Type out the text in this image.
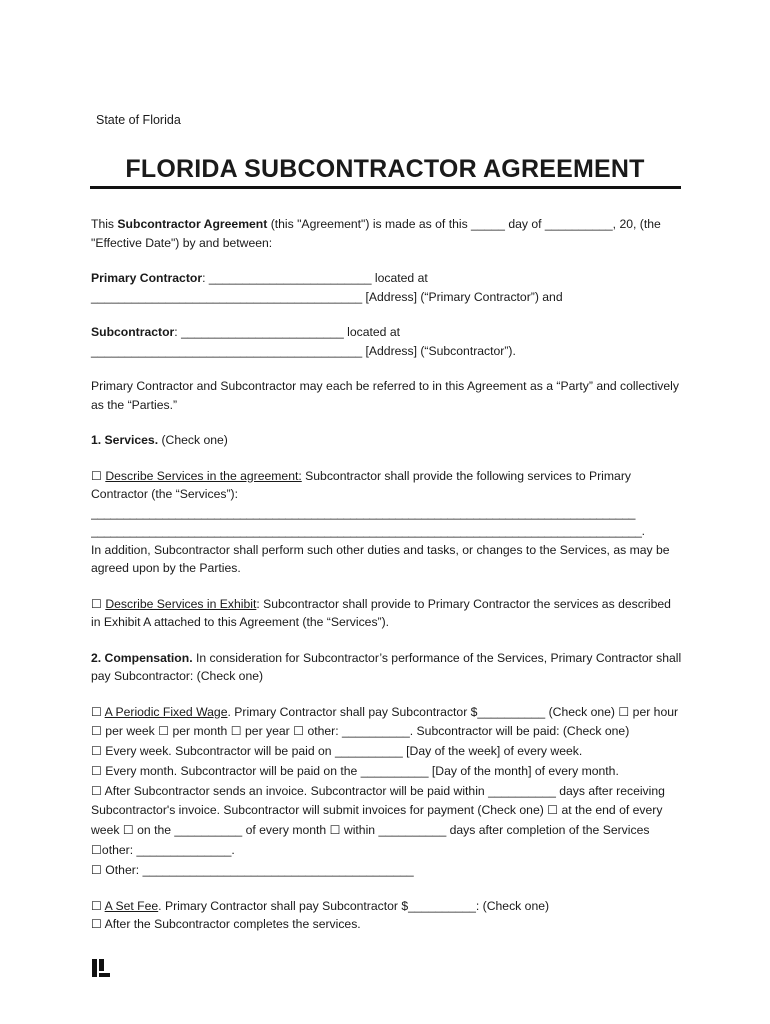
State of Florida
FLORIDA SUBCONTRACTOR AGREEMENT

This Subcontractor Agreement (this "Agreement") is made as of this _____ day of __________, 20, (the "Effective Date") by and between:

Primary Contractor: ________________________ located at
________________________________________ [Address] (“Primary Contractor”) and

Subcontractor: ________________________ located at
________________________________________ [Address] (“Subcontractor”).

Primary Contractor and Subcontractor may each be referred to in this Agreement as a “Party” and collectively as the “Parties.”

1. Services. (Check one)

☐ Describe Services in the agreement: Subcontractor shall provide the following services to Primary Contractor (the “Services”):

____________________________________________________________________________________

_____________________________________________________________________________________.

In addition, Subcontractor shall perform such other duties and tasks, or changes to the Services, as may be agreed upon by the Parties.

☐ Describe Services in Exhibit: Subcontractor shall provide to Primary Contractor the services as described in Exhibit A attached to this Agreement (the “Services”).

2. Compensation. In consideration for Subcontractor’s performance of the Services, Primary Contractor shall pay Subcontractor: (Check one)

☐ A Periodic Fixed Wage. Primary Contractor shall pay Subcontractor $__________ (Check one) ☐ per hour ☐ per week ☐ per month ☐ per year ☐ other: __________. Subcontractor will be paid: (Check one)

☐ Every week. Subcontractor will be paid on __________ [Day of the week] of every week.

☐ Every month. Subcontractor will be paid on the __________ [Day of the month] of every month.

☐ After Subcontractor sends an invoice. Subcontractor will be paid within __________ days after receiving Subcontractor's invoice. Subcontractor will submit invoices for payment (Check one) ☐ at the end of every week ☐ on the __________ of every month ☐ within __________ days after completion of the Services ☐other: ______________.

☐ Other: ________________________________________

☐ A Set Fee. Primary Contractor shall pay Subcontractor $__________: (Check one)

☐ After the Subcontractor completes the services.
